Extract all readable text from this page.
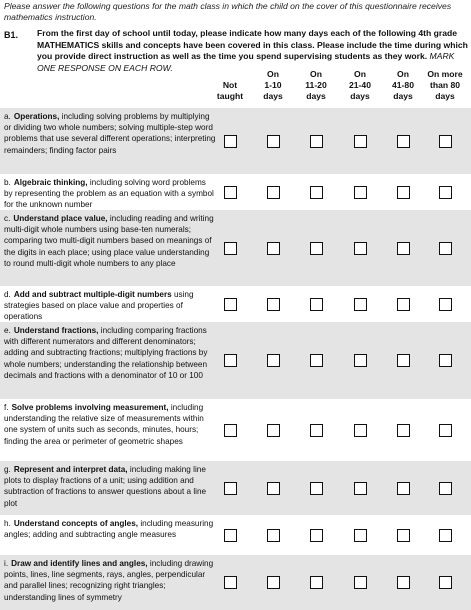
Please answer the following questions for the math class in which the child on the cover of this questionnaire receives mathematics instruction.
B1. From the first day of school until today, please indicate how many days each of the following 4th grade MATHEMATICS skills and concepts have been covered in this class. Please include the time during which you provide direct instruction as well as the time you spend supervising students as they work. MARK ONE RESPONSE ON EACH ROW.

Not
taught
On
1-10
days
On
11-20
days
On
21-40
days
On
41-80
days
On more
than 80
days
a. Operations, including solving problems by multiplying or dividing two whole numbers; solving multiple-step word problems that use several different operations; interpreting remainders; finding factor pairs
b. Algebraic thinking, including solving word problems by representing the problem as an equation with a symbol for the unknown number
c. Understand place value, including reading and writing multi-digit whole numbers using base-ten numerals; comparing two multi-digit numbers based on meanings of the digits in each place; using place value understanding to round multi-digit whole numbers to any place
d. Add and subtract multiple-digit numbers using strategies based on place value and properties of operations
e. Understand fractions, including comparing fractions with different numerators and different denominators; adding and subtracting fractions; multiplying fractions by whole numbers; understanding the relationship between decimals and fractions with a denominator of 10 or 100
f. Solve problems involving measurement, including understanding the relative size of measurements within one system of units such as seconds, minutes, hours; finding the area or perimeter of geometric shapes
g. Represent and interpret data, including making line plots to display fractions of a unit; using addition and subtraction of fractions to answer questions about a line plot
h. Understand concepts of angles, including measuring angles; adding and subtracting angle measures
i. Draw and identify lines and angles, including drawing points, lines, line segments, rays, angles, perpendicular and parallel lines; recognizing right triangles; understanding lines of symmetry
